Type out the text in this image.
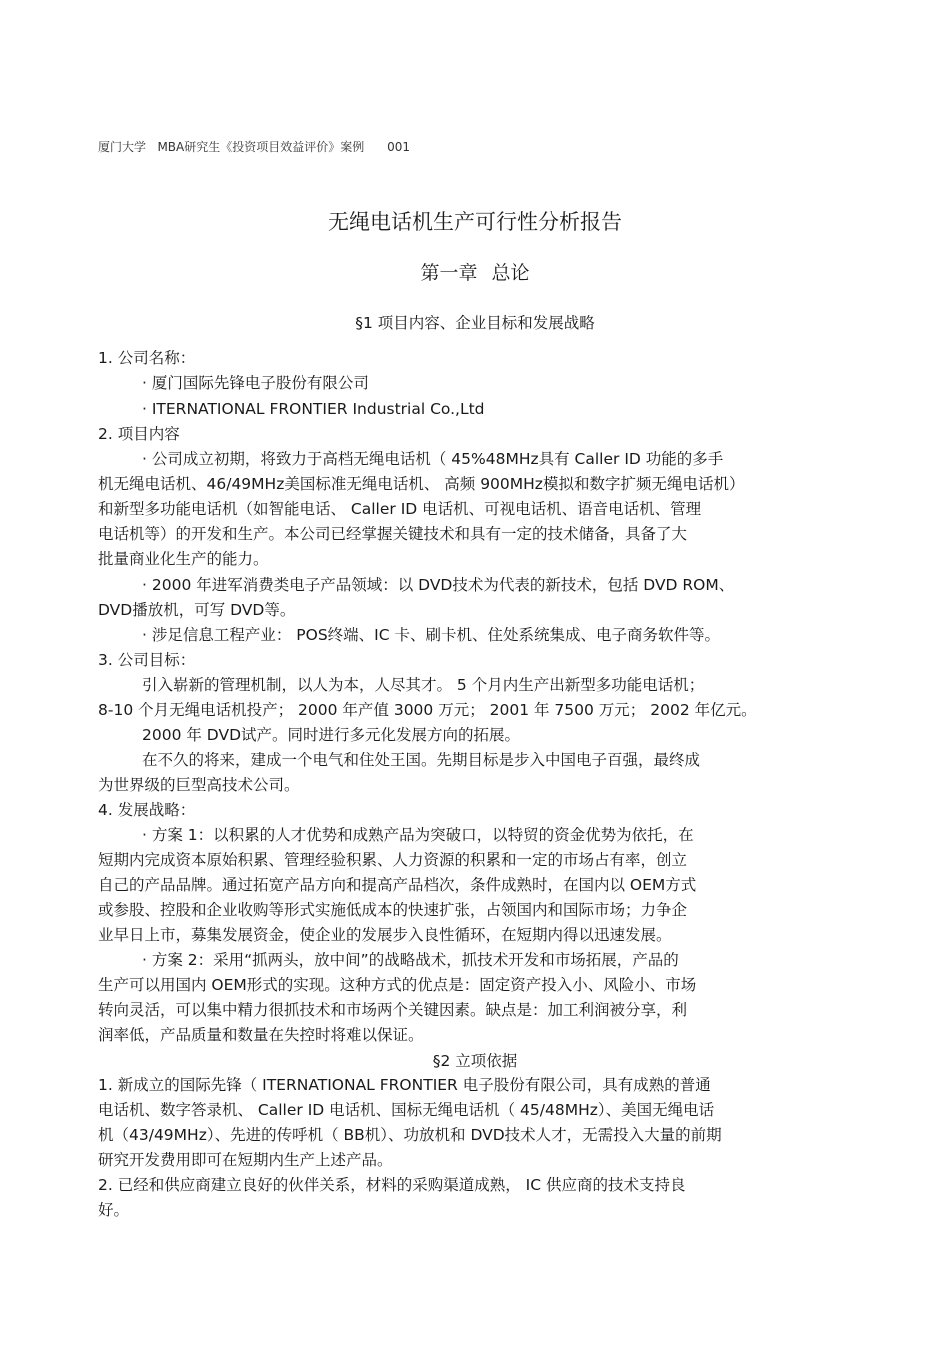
厦门大学   MBA研究生《投资项目效益评价》案例      001
无绳电话机生产可行性分析报告
第一章 总论
§1 项目内容、企业目标和发展战略
1. 公司名称：
· 厦门国际先锋电子股份有限公司
· ITERNATIONAL FRONTIER Industrial Co.,Ltd
2. 项目内容
· 公司成立初期，将致力于高档无绳电话机（ 45%48MHz具有 Caller ID 功能的多手
机无绳电话机、46/49MHz美国标准无绳电话机、 高频 900MHz模拟和数字扩频无绳电话机）
和新型多功能电话机（如智能电话、 Caller ID 电话机、可视电话机、语音电话机、管理
电话机等）的开发和生产。本公司已经掌握关键技术和具有一定的技术储备，具备了大
批量商业化生产的能力。
· 2000 年进军消费类电子产品领域：以 DVD技术为代表的新技术，包括 DVD ROM、
DVD播放机，可写 DVD等。
· 涉足信息工程产业： POS终端、IC 卡、刷卡机、住处系统集成、电子商务软件等。
3. 公司目标：
引入崭新的管理机制，以人为本，人尽其才。 5 个月内生产出新型多功能电话机；
8-10 个月无绳电话机投产； 2000 年产值 3000 万元； 2001 年 7500 万元； 2002 年亿元。
2000 年 DVD试产。同时进行多元化发展方向的拓展。
在不久的将来，建成一个电气和住处王国。先期目标是步入中国电子百强，最终成
为世界级的巨型高技术公司。
4. 发展战略：
· 方案 1：以积累的人才优势和成熟产品为突破口，以特贸的资金优势为依托，在
短期内完成资本原始积累、管理经验积累、人力资源的积累和一定的市场占有率，创立
自己的产品品牌。通过拓宽产品方向和提高产品档次，条件成熟时，在国内以 OEM方式
或参股、控股和企业收购等形式实施低成本的快速扩张，占领国内和国际市场；力争企
业早日上市，募集发展资金，使企业的发展步入良性循环，在短期内得以迅速发展。
· 方案 2：采用“抓两头，放中间”的战略战术，抓技术开发和市场拓展，产品的
生产可以用国内 OEM形式的实现。这种方式的优点是：固定资产投入小、风险小、市场
转向灵活，可以集中精力很抓技术和市场两个关键因素。缺点是：加工利润被分享，利
润率低，产品质量和数量在失控时将难以保证。
§2 立项依据
1. 新成立的国际先锋（ ITERNATIONAL FRONTIER 电子股份有限公司，具有成熟的普通
电话机、数字答录机、 Caller ID 电话机、国标无绳电话机（ 45/48MHz）、美国无绳电话
机（43/49MHz）、先进的传呼机（ BB机）、功放机和 DVD技术人才，无需投入大量的前期
研究开发费用即可在短期内生产上述产品。
2. 已经和供应商建立良好的伙伴关系，材料的采购渠道成熟， IC 供应商的技术支持良
好。
